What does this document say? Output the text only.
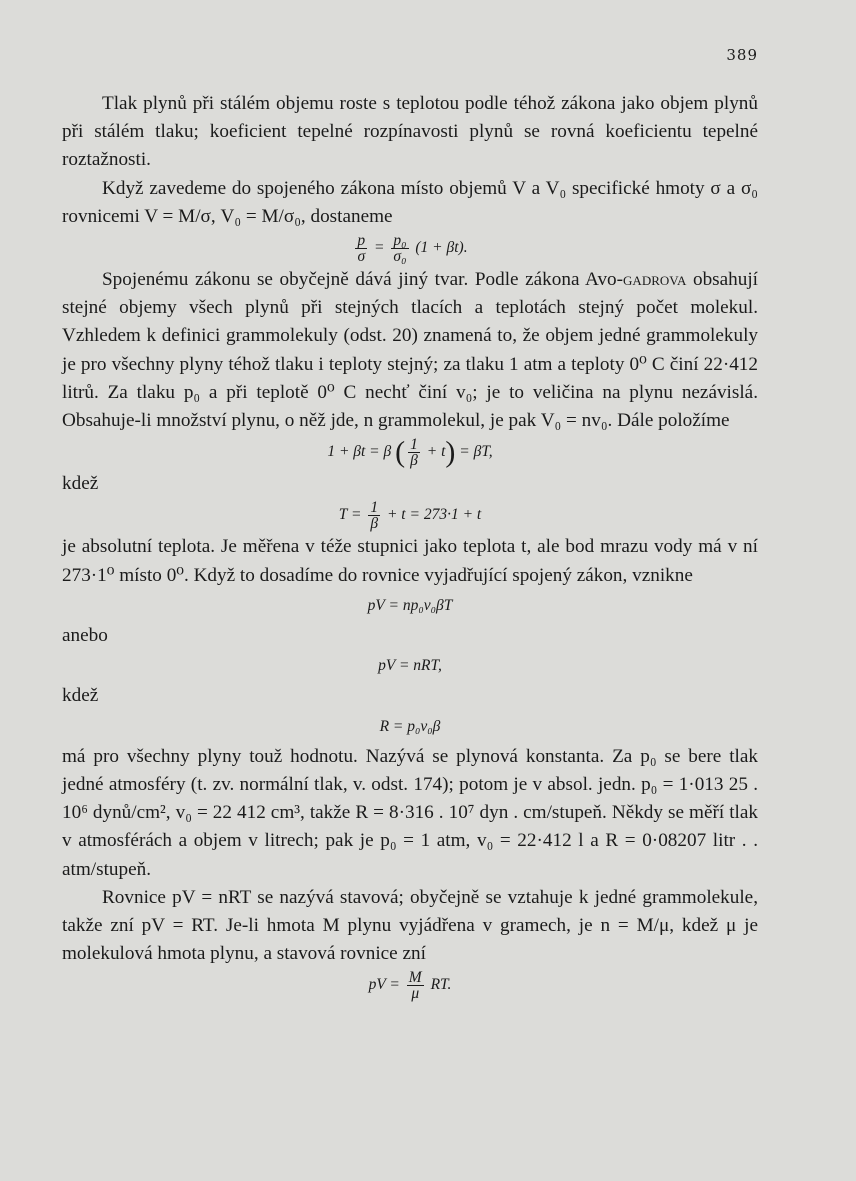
389

Tlak plynů při stálém objemu roste s teplotou podle téhož zákona jako objem plynů při stálém tlaku; koeficient tepelné rozpínavosti plynů se rovná koeficientu tepelné roztažnosti.

Když zavedeme do spojeného zákona místo objemů V a V₀ specifické hmoty σ a σ₀ rovnicemi V = M/σ, V₀ = M/σ₀, dostaneme

$\frac{p}{\sigma} = \frac{\text{p₀}}{\text{σ₀}} (1 + \beta t)$.

Spojenému zákonu se obyčejně dává jiný tvar. Podle zákona Avo-gadrova obsahují stejné objemy všech plynů při stejných tlacích a teplotách stejný počet molekul. Vzhledem k definici grammolekuly (odst. 20) znamená to, že objem jedné grammolekuly je pro všechny plyny téhož tlaku i teploty stejný; za tlaku 1 atm a teploty 0⁰ C činí 22·412 litrů. Za tlaku p₀ a při teplotě 0⁰ C nechť činí v₀; je to veličina na plynu nezávislá. Obsahuje-li množství plynu, o něž jde, n grammolekul, je pak V₀ = nv₀. Dále položíme

1 + βt = β ( $\frac{1}{\beta} + t) = \beta T$,

kdež

$T = \frac{1}{\beta} + t = 273\cdot 1 + t$

je absolutní teplota. Je měřena v téže stupnici jako teplota t, ale bod mrazu vody má v ní 273·1⁰ místo 0⁰. Když to dosadíme do rovnice vyjadřující spojený zákon, vznikne

pV = np₀v₀βT

anebo

pV = nRT,

kdež

R = p₀v₀β

má pro všechny plyny touž hodnotu. Nazývá se plynová konstanta. Za p₀ se bere tlak jedné atmosféry (t. zv. normální tlak, v. odst. 174); potom je v absol. jedn. p₀ = 1·013 25 . 10⁶ dynů/cm², v₀ = 22 412 cm³, takže R = 8·316 . 10⁷ dyn . cm/stupeň. Někdy se měří tlak v atmosférách a objem v litrech; pak je p₀ = 1 atm, v₀ = 22·412 l a R = 0·08207 litr . . atm/stupeň.

Rovnice pV = nRT se nazývá stavová; obyčejně se vztahuje k jedné grammolekule, takže zní pV = RT. Je-li hmota M plynu vyjádřena v gramech, je n = M/μ, kdež μ je molekulová hmota plynu, a stavová rovnice zní

pV = $\frac{M}{\mu}$ RT.
